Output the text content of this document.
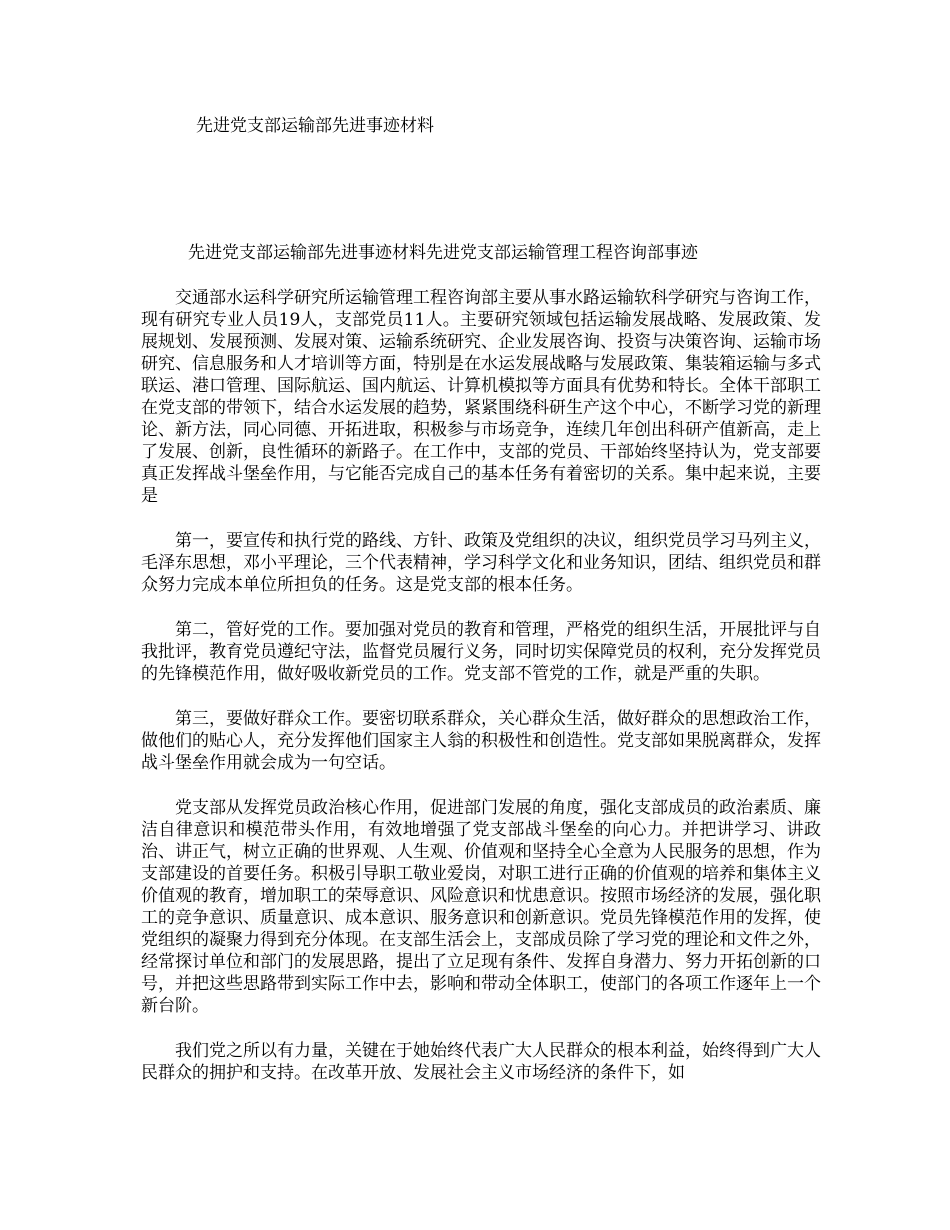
先进党支部运输部先进事迹材料
先进党支部运输部先进事迹材料先进党支部运输管理工程咨询部事迹

交通部水运科学研究所运输管理工程咨询部主要从事水路运输软科学研究与咨询工作，现有研究专业人员19人，支部党员11人。主要研究领域包括运输发展战略、发展政策、发展规划、发展预测、发展对策、运输系统研究、企业发展咨询、投资与决策咨询、运输市场研究、信息服务和人才培训等方面，特别是在水运发展战略与发展政策、集装箱运输与多式联运、港口管理、国际航运、国内航运、计算机模拟等方面具有优势和特长。全体干部职工在党支部的带领下，结合水运发展的趋势，紧紧围绕科研生产这个中心，不断学习党的新理论、新方法，同心同德、开拓进取，积极参与市场竞争，连续几年创出科研产值新高，走上了发展、创新，良性循环的新路子。在工作中，支部的党员、干部始终坚持认为，党支部要真正发挥战斗堡垒作用，与它能否完成自己的基本任务有着密切的关系。集中起来说，主要是

第一，要宣传和执行党的路线、方针、政策及党组织的决议，组织党员学习马列主义，毛泽东思想，邓小平理论，三个代表精神，学习科学文化和业务知识，团结、组织党员和群众努力完成本单位所担负的任务。这是党支部的根本任务。

第二，管好党的工作。要加强对党员的教育和管理，严格党的组织生活，开展批评与自我批评，教育党员遵纪守法，监督党员履行义务，同时切实保障党员的权利，充分发挥党员的先锋模范作用，做好吸收新党员的工作。党支部不管党的工作，就是严重的失职。

第三，要做好群众工作。要密切联系群众，关心群众生活，做好群众的思想政治工作，做他们的贴心人，充分发挥他们国家主人翁的积极性和创造性。党支部如果脱离群众，发挥战斗堡垒作用就会成为一句空话。

党支部从发挥党员政治核心作用，促进部门发展的角度，强化支部成员的政治素质、廉洁自律意识和模范带头作用，有效地增强了党支部战斗堡垒的向心力。并把讲学习、讲政治、讲正气，树立正确的世界观、人生观、价值观和坚持全心全意为人民服务的思想，作为支部建设的首要任务。积极引导职工敬业爱岗，对职工进行正确的价值观的培养和集体主义价值观的教育，增加职工的荣辱意识、风险意识和忧患意识。按照市场经济的发展，强化职工的竞争意识、质量意识、成本意识、服务意识和创新意识。党员先锋模范作用的发挥，使党组织的凝聚力得到充分体现。在支部生活会上，支部成员除了学习党的理论和文件之外，经常探讨单位和部门的发展思路，提出了立足现有条件、发挥自身潜力、努力开拓创新的口号，并把这些思路带到实际工作中去，影响和带动全体职工，使部门的各项工作逐年上一个新台阶。

我们党之所以有力量，关键在于她始终代表广大人民群众的根本利益，始终得到广大人民群众的拥护和支持。在改革开放、发展社会主义市场经济的条件下，如
